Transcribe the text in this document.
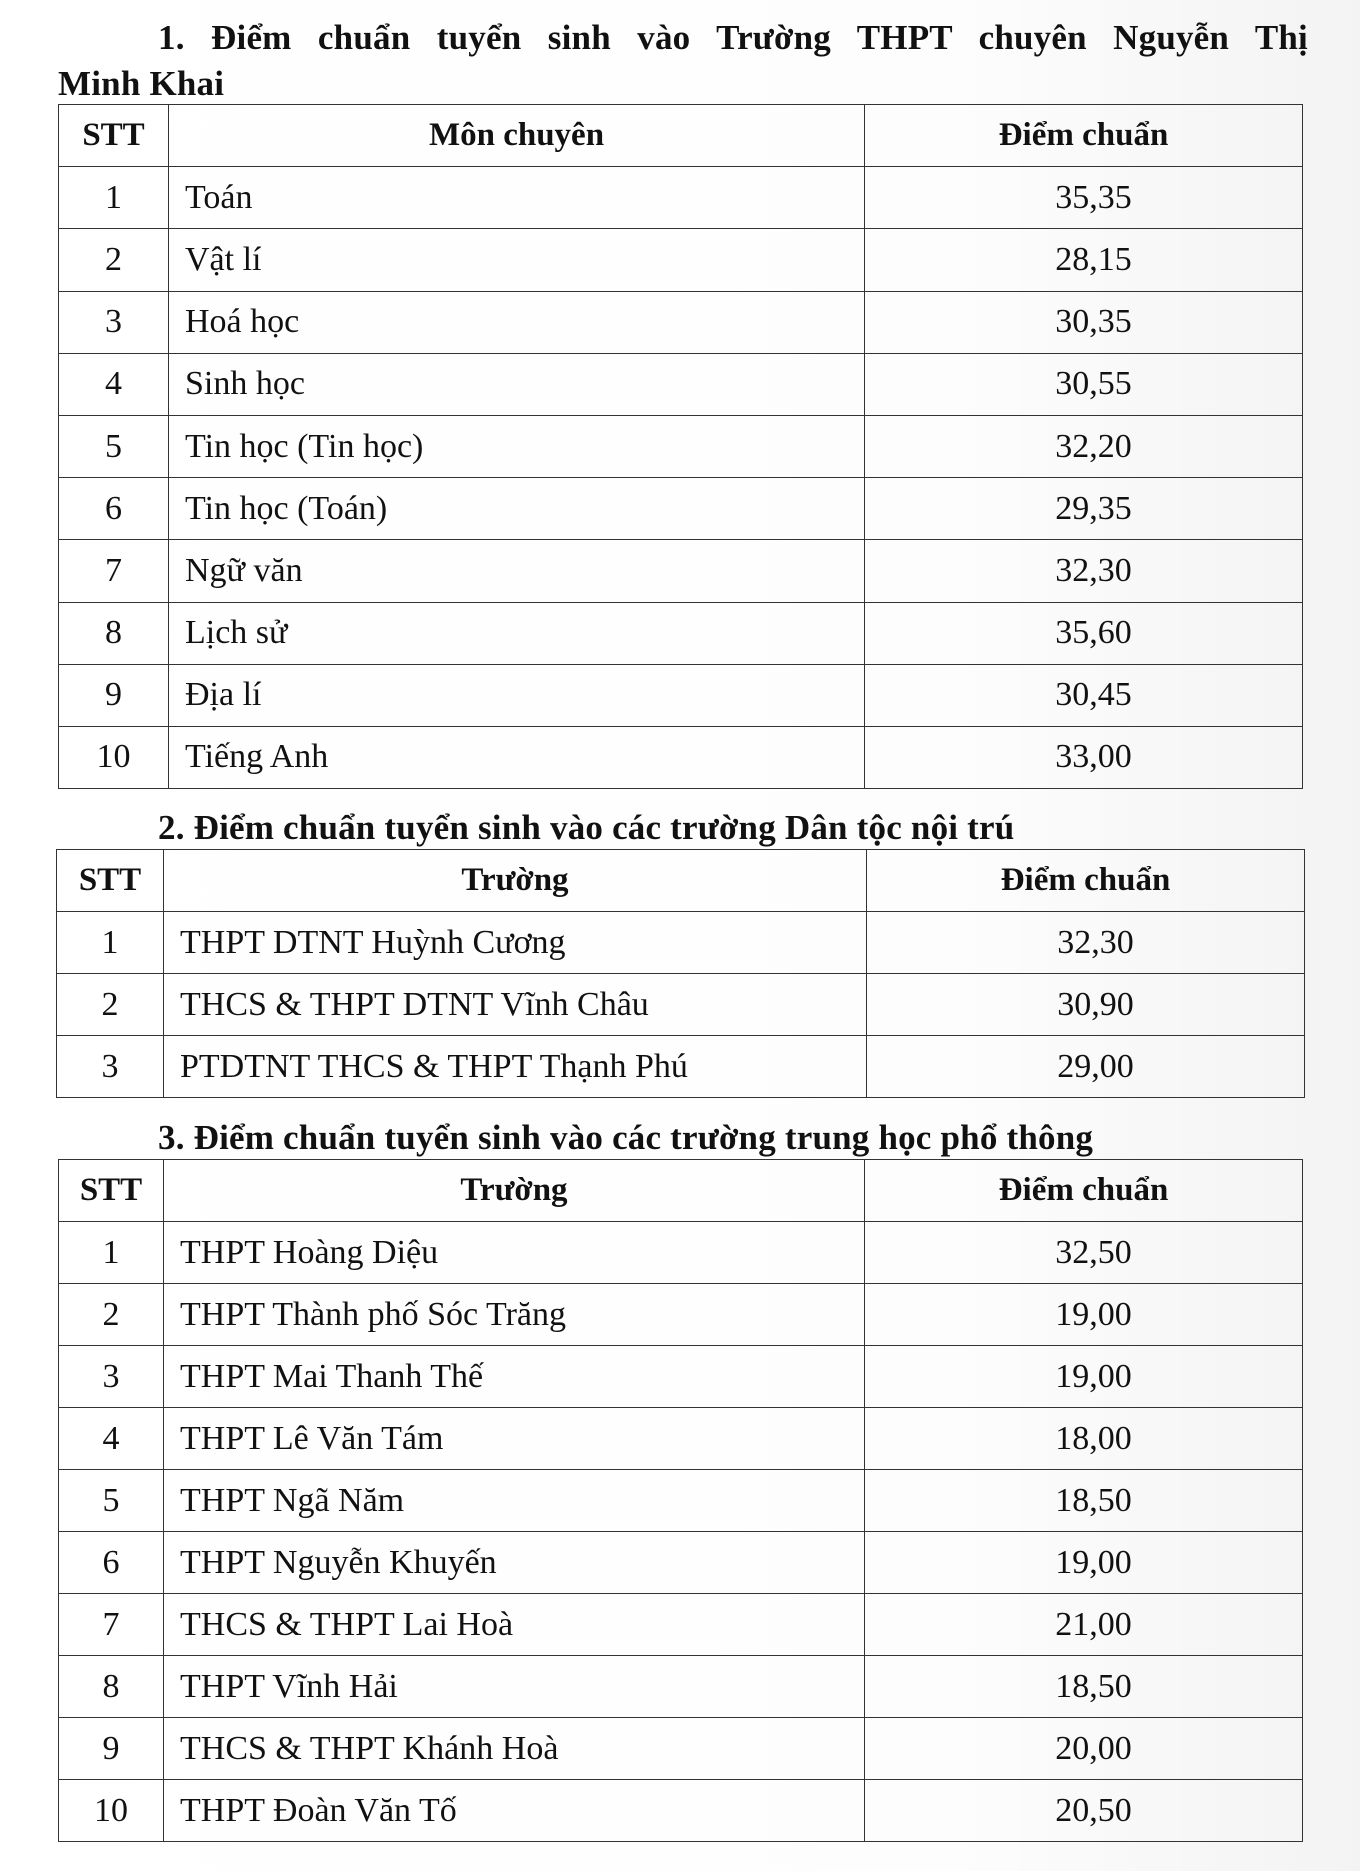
1. Điểm chuẩn tuyển sinh vào Trường THPT chuyên Nguyễn Thị
Minh Khai
STT	Môn chuyên	Điểm chuẩn
1	Toán	35,35
2	Vật lí	28,15
3	Hoá học	30,35
4	Sinh học	30,55
5	Tin học (Tin học)	32,20
6	Tin học (Toán)	29,35
7	Ngữ văn	32,30
8	Lịch sử	35,60
9	Địa lí	30,45
10	Tiếng Anh	33,00
2. Điểm chuẩn tuyển sinh vào các trường Dân tộc nội trú
STT	Trường	Điểm chuẩn
1	THPT DTNT Huỳnh Cương	32,30
2	THCS & THPT DTNT Vĩnh Châu	30,90
3	PTDTNT THCS & THPT Thạnh Phú	29,00
3. Điểm chuẩn tuyển sinh vào các trường trung học phổ thông
STT	Trường	Điểm chuẩn
1	THPT Hoàng Diệu	32,50
2	THPT Thành phố Sóc Trăng	19,00
3	THPT Mai Thanh Thế	19,00
4	THPT Lê Văn Tám	18,00
5	THPT Ngã Năm	18,50
6	THPT Nguyễn Khuyến	19,00
7	THCS & THPT Lai Hoà	21,00
8	THPT Vĩnh Hải	18,50
9	THCS & THPT Khánh Hoà	20,00
10	THPT Đoàn Văn Tố	20,50
